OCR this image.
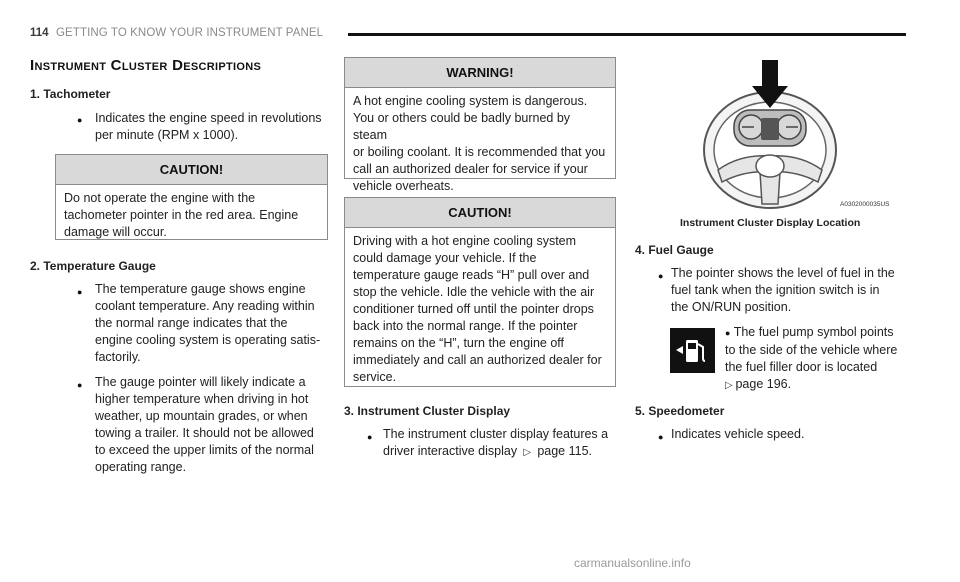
114 GETTING TO KNOW YOUR INSTRUMENT PANEL
Instrument Cluster Descriptions
1. Tachometer
● Indicates the engine speed in revolutions
per minute (RPM x 1000).
CAUTION!
Do not operate the engine with the
tachometer pointer in the red area. Engine
damage will occur.
2. Temperature Gauge
● The temperature gauge shows engine
coolant temperature. Any reading within
the normal range indicates that the
engine cooling system is operating satis-
factorily.
● The gauge pointer will likely indicate a
higher temperature when driving in hot
weather, up mountain grades, or when
towing a trailer. It should not be allowed
to exceed the upper limits of the normal
operating range.
WARNING!
A hot engine cooling system is dangerous.
You or others could be badly burned by steam
or boiling coolant. It is recommended that you
call an authorized dealer for service if your
vehicle overheats.
CAUTION!
Driving with a hot engine cooling system
could damage your vehicle. If the
temperature gauge reads “H” pull over and
stop the vehicle. Idle the vehicle with the air
conditioner turned off until the pointer drops
back into the normal range. If the pointer
remains on the “H”, turn the engine off
immediately and call an authorized dealer for
service.
3. Instrument Cluster Display
● The instrument cluster display features a
driver interactive display  ▷  page 115.
A0302000035US
Instrument Cluster Display Location
4. Fuel Gauge
● The pointer shows the level of fuel in the
fuel tank when the ignition switch is in
the ON/RUN position.
● The fuel pump symbol points
to the side of the vehicle where
the fuel filler door is located
▷ page 196.
5. Speedometer
● Indicates vehicle speed.
carmanualsonline.info
